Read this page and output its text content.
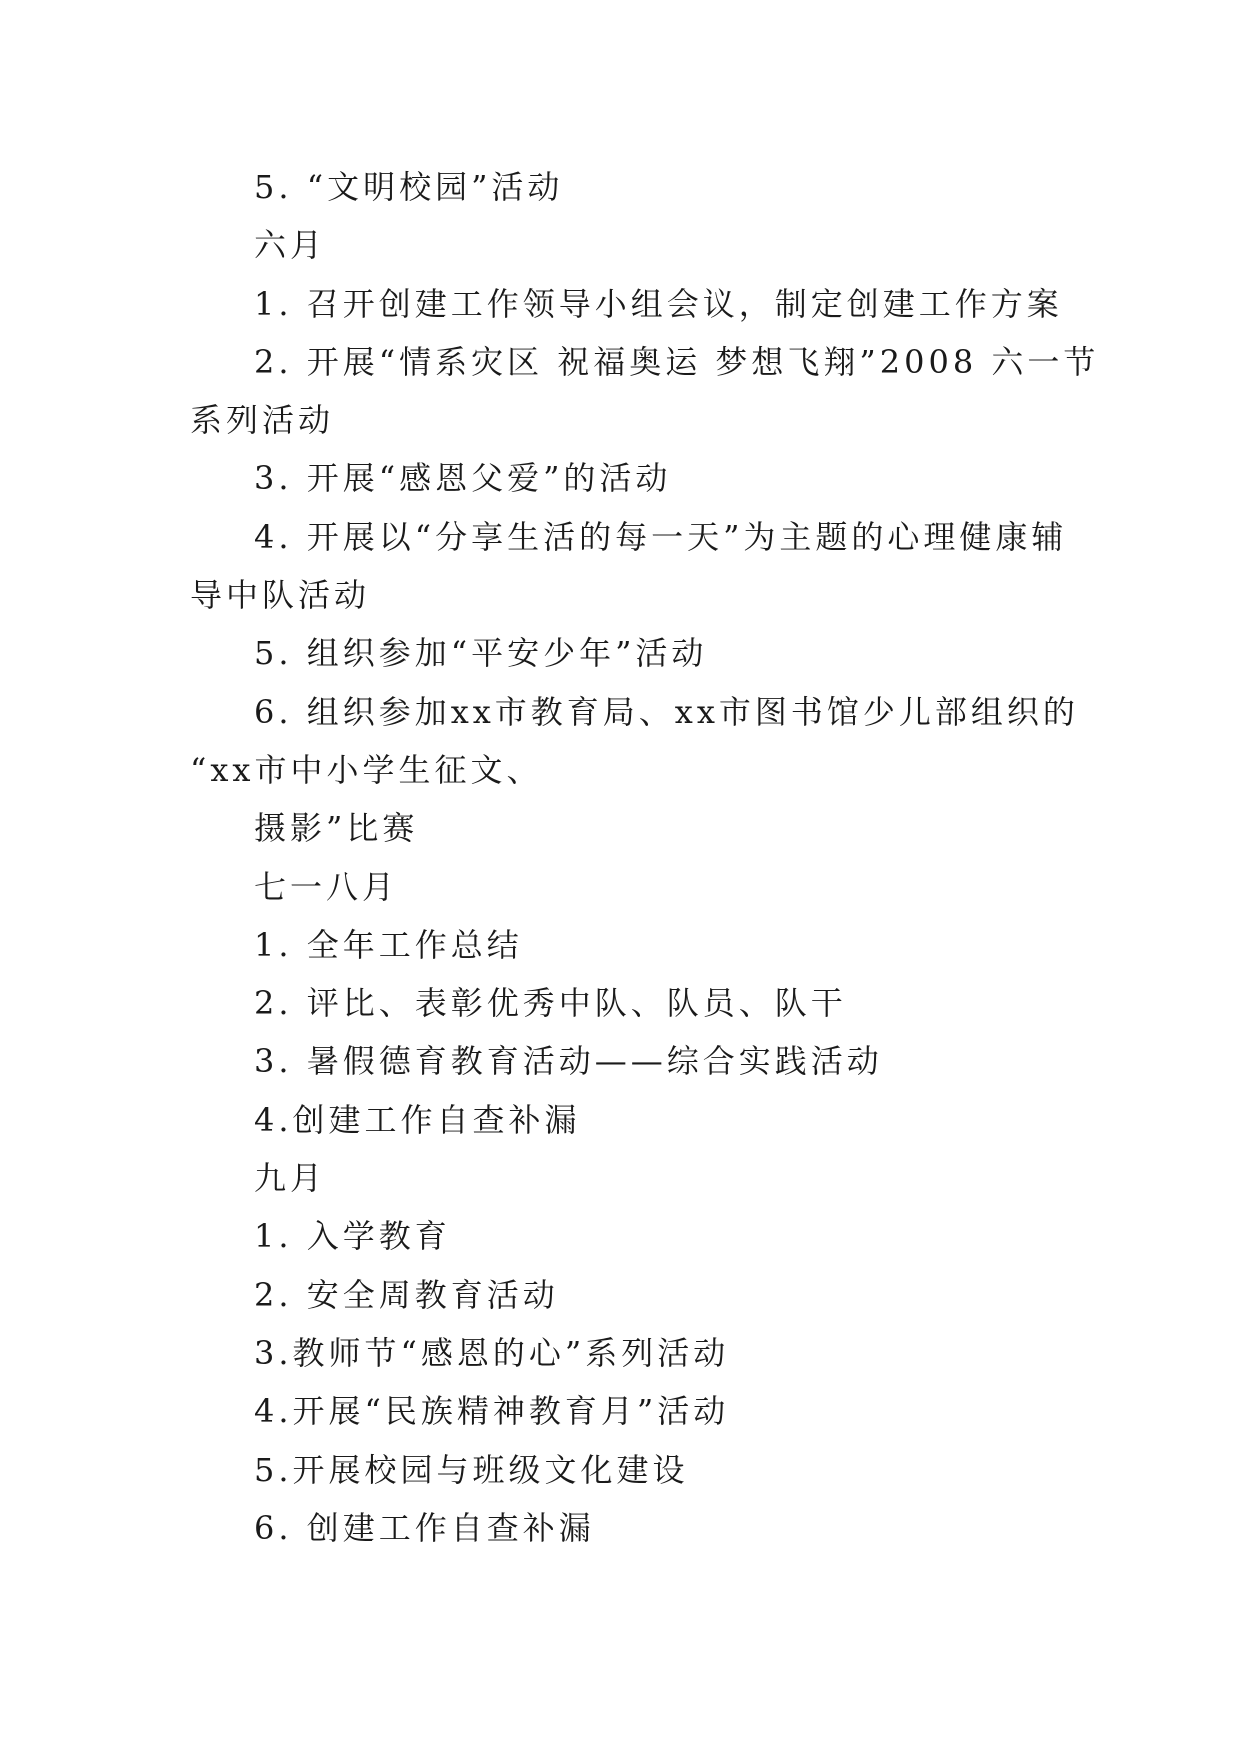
5. “文明校园”活动
六月
1. 召开创建工作领导小组会议，制定创建工作方案
2. 开展“情系灾区 祝福奥运 梦想飞翔”2008 六一节
系列活动
3. 开展“感恩父爱”的活动
4. 开展以“分享生活的每一天”为主题的心理健康辅
导中队活动
5. 组织参加“平安少年”活动
6. 组织参加xx市教育局、xx市图书馆少儿部组织的
“xx市中小学生征文、
摄影”比赛
七一八月
1. 全年工作总结
2. 评比、表彰优秀中队、队员、队干
3. 暑假德育教育活动——综合实践活动
4.创建工作自查补漏
九月
1. 入学教育
2. 安全周教育活动
3.教师节“感恩的心”系列活动
4.开展“民族精神教育月”活动
5.开展校园与班级文化建设
6. 创建工作自查补漏
